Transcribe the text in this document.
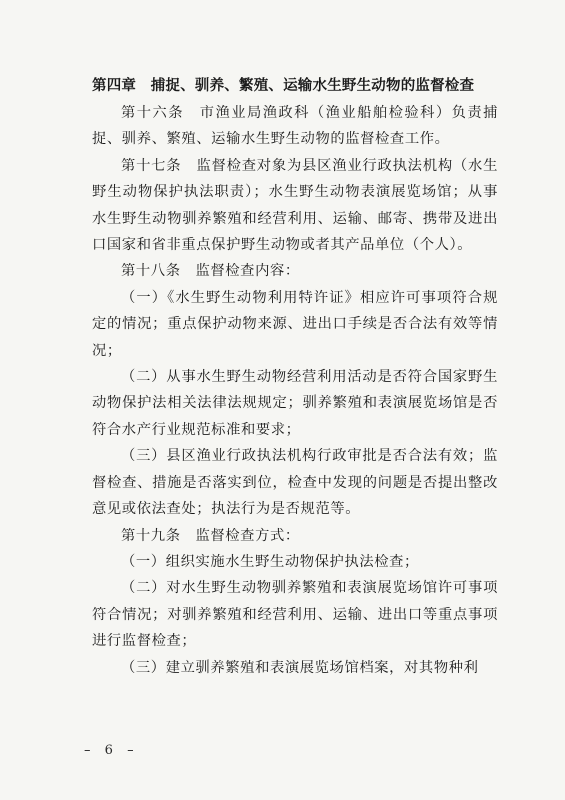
第四章　捕捉、驯养、繁殖、运输水生野生动物的监督检查

第十六条　市渔业局渔政科（渔业船舶检验科）负责捕捉、驯养、繁殖、运输水生野生动物的监督检查工作。

第十七条　监督检查对象为县区渔业行政执法机构（水生野生动物保护执法职责）；水生野生动物表演展览场馆；从事水生野生动物驯养繁殖和经营利用、运输、邮寄、携带及进出口国家和省非重点保护野生动物或者其产品单位（个人）。

第十八条　监督检查内容：

（一）《水生野生动物利用特许证》相应许可事项符合规定的情况；重点保护动物来源、进出口手续是否合法有效等情况；

（二）从事水生野生动物经营利用活动是否符合国家野生动物保护法相关法律法规规定；驯养繁殖和表演展览场馆是否符合水产行业规范标准和要求；

（三）县区渔业行政执法机构行政审批是否合法有效；监督检查、措施是否落实到位，检查中发现的问题是否提出整改意见或依法查处；执法行为是否规范等。

第十九条　监督检查方式：

（一）组织实施水生野生动物保护执法检查；

（二）对水生野生动物驯养繁殖和表演展览场馆许可事项符合情况；对驯养繁殖和经营利用、运输、进出口等重点事项进行监督检查；

（三）建立驯养繁殖和表演展览场馆档案，对其物种利

– 6 –
